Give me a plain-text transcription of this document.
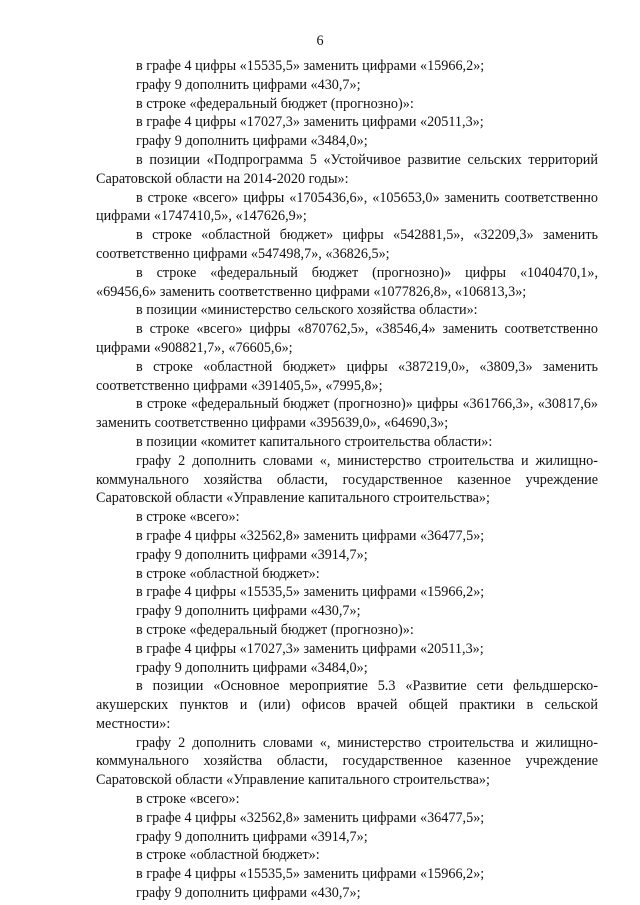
6

в графе 4 цифры «15535,5» заменить цифрами «15966,2»;

графу 9 дополнить цифрами «430,7»;

в строке «федеральный бюджет (прогнозно)»:

в графе 4 цифры «17027,3» заменить цифрами «20511,3»;

графу 9 дополнить цифрами «3484,0»;

в позиции «Подпрограмма 5 «Устойчивое развитие сельских территорий Саратовской области на 2014-2020 годы»:

в строке «всего» цифры «1705436,6», «105653,0» заменить соответственно цифрами «1747410,5», «147626,9»;

в строке «областной бюджет» цифры «542881,5», «32209,3» заменить соответственно цифрами «547498,7», «36826,5»;

в строке «федеральный бюджет (прогнозно)» цифры «1040470,1», «69456,6» заменить соответственно цифрами «1077826,8», «106813,3»;

в позиции «министерство сельского хозяйства области»:

в строке «всего» цифры «870762,5», «38546,4» заменить соответственно цифрами «908821,7», «76605,6»;

в строке «областной бюджет» цифры «387219,0», «3809,3» заменить соответственно цифрами «391405,5», «7995,8»;

в строке «федеральный бюджет (прогнозно)» цифры «361766,3», «30817,6» заменить соответственно цифрами «395639,0», «64690,3»;

в позиции «комитет капитального строительства области»:

графу 2 дополнить словами «, министерство строительства и жилищно-коммунального хозяйства области, государственное казенное учреждение Саратовской области «Управление капитального строительства»;

в строке «всего»:

в графе 4 цифры «32562,8» заменить цифрами «36477,5»;

графу 9 дополнить цифрами «3914,7»;

в строке «областной бюджет»:

в графе 4 цифры «15535,5» заменить цифрами «15966,2»;

графу 9 дополнить цифрами «430,7»;

в строке «федеральный бюджет (прогнозно)»:

в графе 4 цифры «17027,3» заменить цифрами «20511,3»;

графу 9 дополнить цифрами «3484,0»;

в позиции «Основное мероприятие 5.3 «Развитие сети фельдшерско-акушерских пунктов и (или) офисов врачей общей практики в сельской местности»:

графу 2 дополнить словами «, министерство строительства и жилищно-коммунального хозяйства области, государственное казенное учреждение Саратовской области «Управление капитального строительства»;

в строке «всего»:

в графе 4 цифры «32562,8» заменить цифрами «36477,5»;

графу 9 дополнить цифрами «3914,7»;

в строке «областной бюджет»:

в графе 4 цифры «15535,5» заменить цифрами «15966,2»;

графу 9 дополнить цифрами «430,7»;
